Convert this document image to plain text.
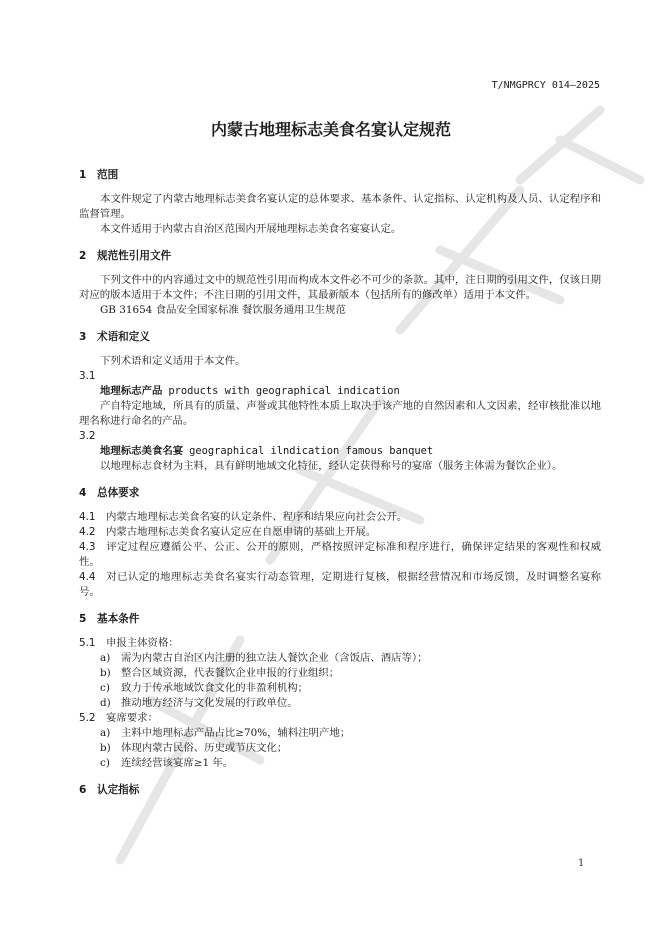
T/NMGPRCY 014—2025
内蒙古地理标志美食名宴认定规范
1 范围
本文件规定了内蒙古地理标志美食名宴认定的总体要求、基本条件、认定指标、认定机构及人员、认定程序和监督管理。
本文件适用于内蒙古自治区范围内开展地理标志美食名宴宴认定。
2 规范性引用文件
下列文件中的内容通过文中的规范性引用而构成本文件必不可少的条款。其中，注日期的引用文件，仅该日期对应的版本适用于本文件；不注日期的引用文件，其最新版本（包括所有的修改单）适用于本文件。
GB 31654 食品安全国家标准 餐饮服务通用卫生规范
3 术语和定义
下列术语和定义适用于本文件。
3.1
地理标志产品 products with geographical indication
产自特定地域，所具有的质量、声誉或其他特性本质上取决于该产地的自然因素和人文因素，经审核批准以地理名称进行命名的产品。
3.2
地理标志美食名宴 geographical ilndication famous banquet
以地理标志食材为主料，具有鲜明地域文化特征，经认定获得称号的宴席（服务主体需为餐饮企业）。
4 总体要求
4.1 内蒙古地理标志美食名宴的认定条件、程序和结果应向社会公开。
4.2 内蒙古地理标志美食名宴认定应在自愿申请的基础上开展。
4.3 评定过程应遵循公平、公正、公开的原则，严格按照评定标准和程序进行，确保评定结果的客观性和权威性。
4.4 对已认定的地理标志美食名宴实行动态管理，定期进行复核，根据经营情况和市场反馈，及时调整名宴称号。
5 基本条件
5.1 申报主体资格：
a) 需为内蒙古自治区内注册的独立法人餐饮企业（含饭店、酒店等）；
b) 整合区域资源，代表餐饮企业申报的行业组织；
c) 致力于传承地域饮食文化的非盈利机构；
d) 推动地方经济与文化发展的行政单位。
5.2 宴席要求：
a) 主料中地理标志产品占比≥70%，辅料注明产地；
b) 体现内蒙古民俗、历史或节庆文化；
c) 连续经营该宴席≥1 年。
6 认定指标
1
